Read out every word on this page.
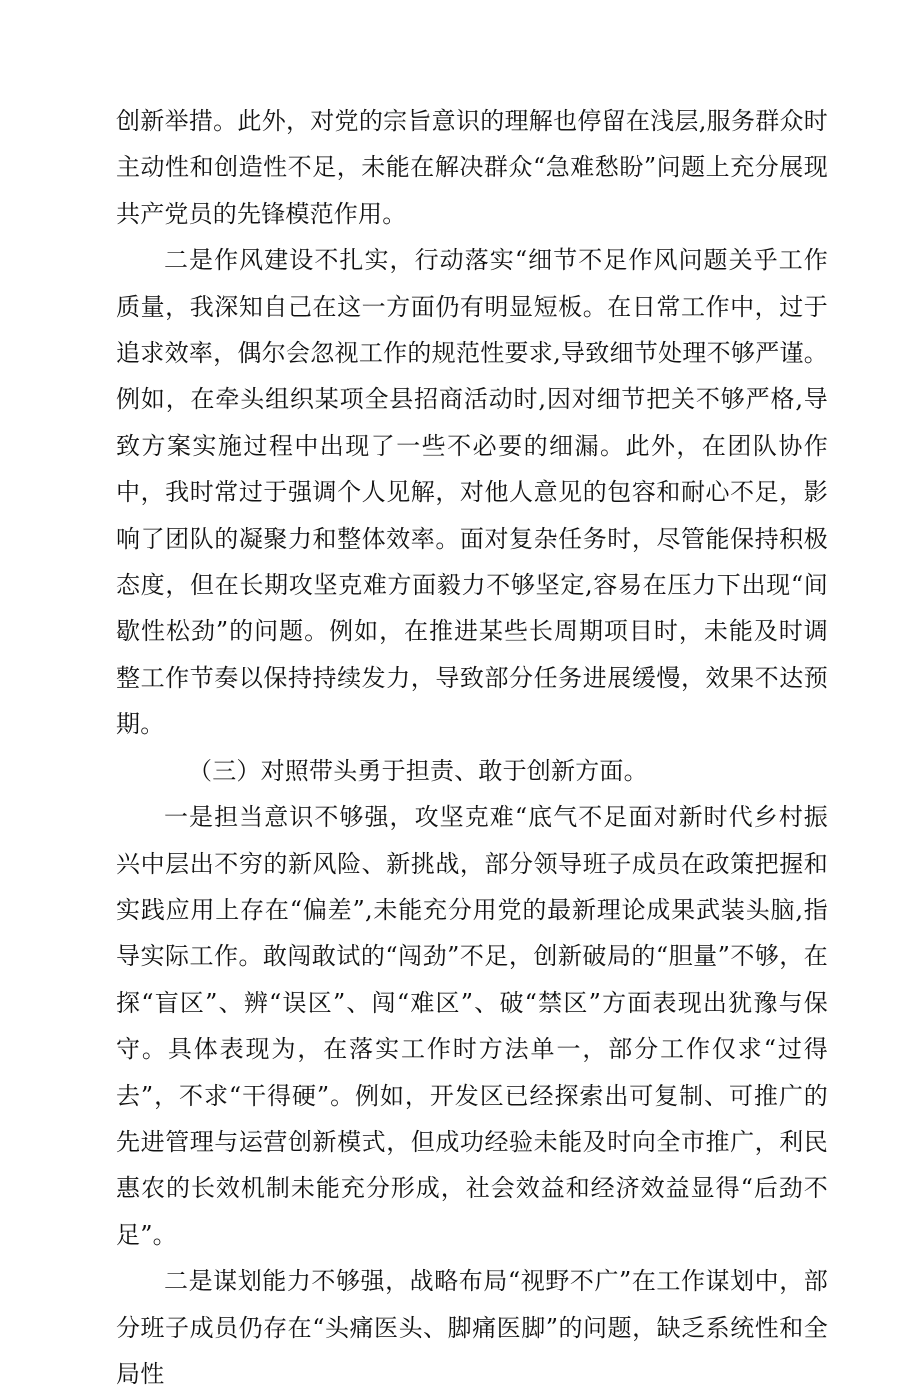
创新举措。此外，对党的宗旨意识的理解也停留在浅层,服务群众时主动性和创造性不足，未能在解决群众“急难愁盼”问题上充分展现共产党员的先锋模范作用。

二是作风建设不扎实，行动落实“细节不足作风问题关乎工作质量，我深知自己在这一方面仍有明显短板。在日常工作中，过于追求效率，偶尔会忽视工作的规范性要求,导致细节处理不够严谨。例如，在牵头组织某项全县招商活动时,因对细节把关不够严格,导致方案实施过程中出现了一些不必要的细漏。此外，在团队协作中，我时常过于强调个人见解，对他人意见的包容和耐心不足，影响了团队的凝聚力和整体效率。面对复杂任务时，尽管能保持积极态度，但在长期攻坚克难方面毅力不够坚定,容易在压力下出现“间歇性松劲”的问题。例如，在推进某些长周期项目时，未能及时调整工作节奏以保持持续发力，导致部分任务进展缓慢，效果不达预期。

（三）对照带头勇于担责、敢于创新方面。

一是担当意识不够强，攻坚克难“底气不足面对新时代乡村振兴中层出不穷的新风险、新挑战，部分领导班子成员在政策把握和实践应用上存在“偏差”,未能充分用党的最新理论成果武装头脑,指导实际工作。敢闯敢试的“闯劲”不足，创新破局的“胆量”不够，在探“盲区”、辨“误区”、闯“难区”、破“禁区”方面表现出犹豫与保守。具体表现为，在落实工作时方法单一，部分工作仅求“过得去”，不求“干得硬”。例如，开发区已经探索出可复制、可推广的先进管理与运营创新模式，但成功经验未能及时向全市推广，利民惠农的长效机制未能充分形成，社会效益和经济效益显得“后劲不足”。

二是谋划能力不够强，战略布局“视野不广”在工作谋划中，部分班子成员仍存在“头痛医头、脚痛医脚”的问题，缺乏系统性和全局性
